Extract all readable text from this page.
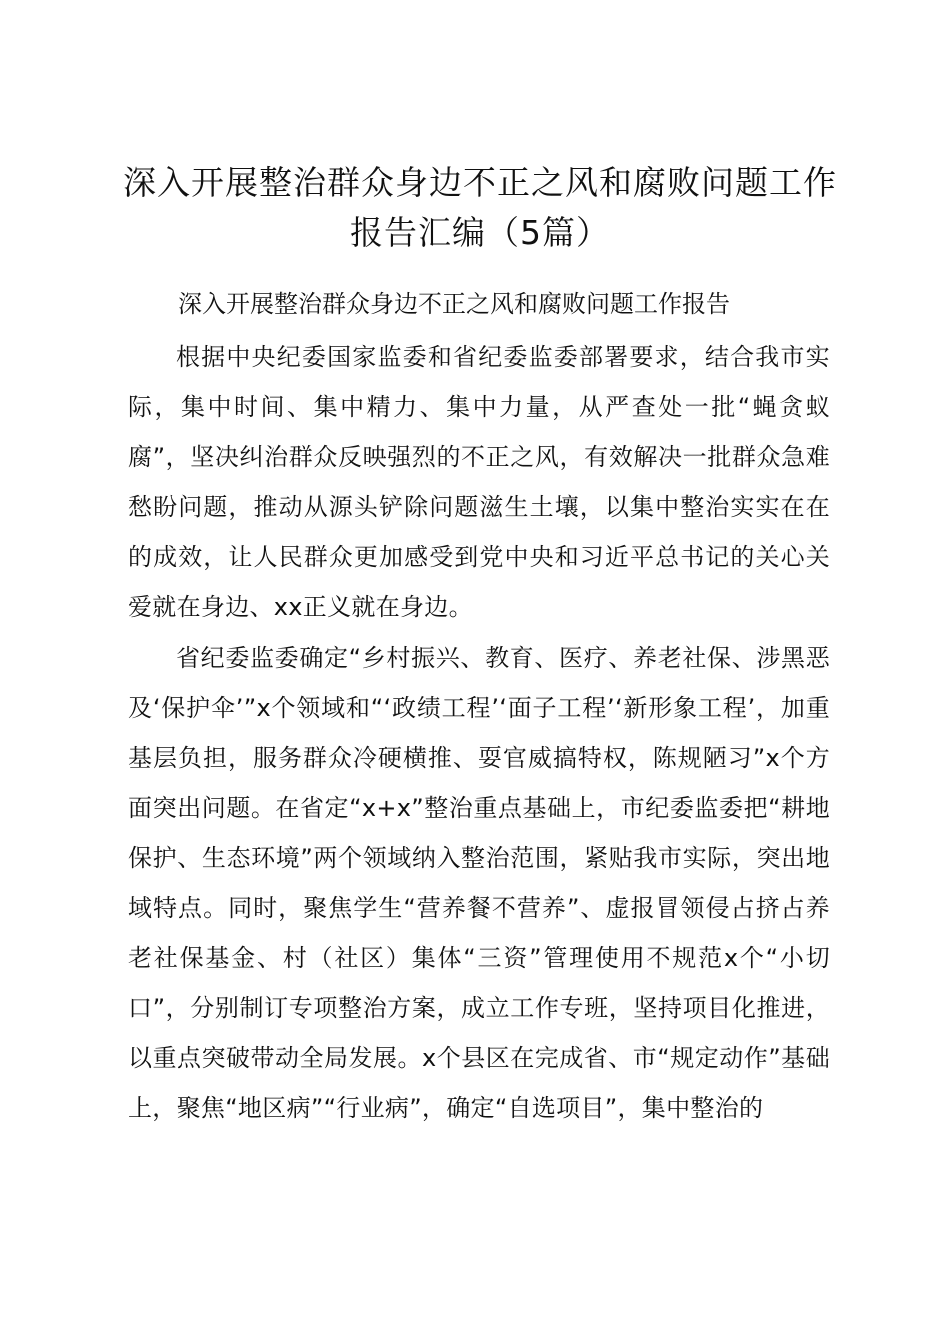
深入开展整治群众身边不正之风和腐败问题工作报告汇编（5篇）

深入开展整治群众身边不正之风和腐败问题工作报告

根据中央纪委国家监委和省纪委监委部署要求，结合我市实际，集中时间、集中精力、集中力量，从严查处一批“蝇贪蚁腐”，坚决纠治群众反映强烈的不正之风，有效解决一批群众急难愁盼问题，推动从源头铲除问题滋生土壤，以集中整治实实在在的成效，让人民群众更加感受到党中央和习近平总书记的关心关爱就在身边、xx正义就在身边。

省纪委监委确定“乡村振兴、教育、医疗、养老社保、涉黑恶及‘保护伞’”x个领域和“‘政绩工程’‘面子工程’‘新形象工程’，加重基层负担，服务群众冷硬横推、耍官威搞特权，陈规陋习”x个方面突出问题。在省定“x+x”整治重点基础上，市纪委监委把“耕地保护、生态环境”两个领域纳入整治范围，紧贴我市实际，突出地域特点。同时，聚焦学生“营养餐不营养”、虚报冒领侵占挤占养老社保基金、村（社区）集体“三资”管理使用不规范x个“小切口”，分别制订专项整治方案，成立工作专班，坚持项目化推进，以重点突破带动全局发展。x个县区在完成省、市“规定动作”基础上，聚焦“地区病”“行业病”，确定“自选项目”，集中整治的
